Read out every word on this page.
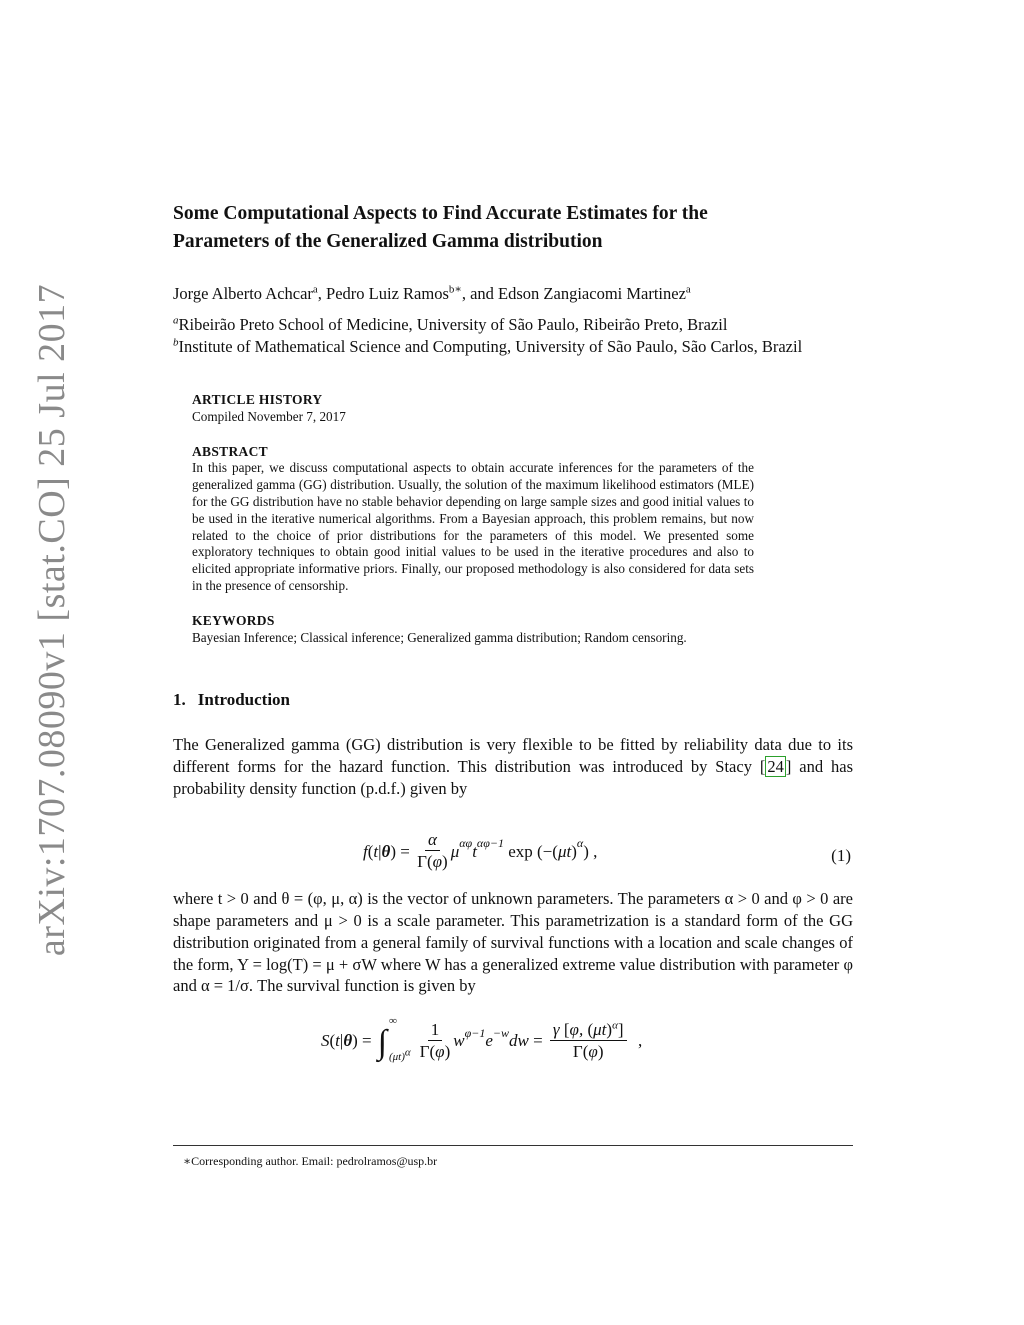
arXiv:1707.08090v1 [stat.CO] 25 Jul 2017
Some Computational Aspects to Find Accurate Estimates for the
Parameters of the Generalized Gamma distribution
Jorge Alberto Achcar$^a$, Pedro Luiz Ramos$^{b∗}$, and Edson Zangiacomi Martinez$^a$
$^a$Ribeirão Preto School of Medicine, University of São Paulo, Ribeirão Preto, Brazil
$^b$Institute of Mathematical Science and Computing, University of São Paulo, São Carlos, Brazil
ARTICLE HISTORY
Compiled November 7, 2017
ABSTRACT
In this paper, we discuss computational aspects to obtain accurate inferences for the parameters of the generalized gamma (GG) distribution. Usually, the solution of the maximum likelihood estimators (MLE) for the GG distribution have no stable behavior depending on large sample sizes and good initial values to be used in the iterative numerical algorithms. From a Bayesian approach, this problem remains, but now related to the choice of prior distributions for the parameters of this model. We presented some exploratory techniques to obtain good initial values to be used in the iterative procedures and also to elicited appropriate informative priors. Finally, our proposed methodology is also considered for data sets in the presence of censorship.
KEYWORDS
Bayesian Inference; Classical inference; Generalized gamma distribution; Random censoring.
1. Introduction

The Generalized gamma (GG) distribution is very flexible to be fitted by reliability data due to its different forms for the hazard function. This distribution was introduced by Stacy [ 24 ] and has probability density function (p.d.f.) given by

f ( t | θ ) = $\frac{\alpha}{\Gamma(\varphi)}$ μ αφ t αφ−1 exp (−( μt ) α ) ,	(1)

where t > 0 and θ = (φ, μ, α) is the vector of unknown parameters. The parameters α > 0 and φ > 0 are shape parameters and μ > 0 is a scale parameter. This parametrization is a standard form of the GG distribution originated from a general family of survival functions with a location and scale changes of the form, Y = log(T) = μ + σW where W has a generalized extreme value distribution with parameter φ and α = 1/σ. The survival function is given by

S ( t | θ ) = ∫
∞
$(\mu t)^\alpha \frac{1}{\Gamma(\varphi)}$ w φ−1 e −w dw = $\frac{\gamma [\varphi, (\mu t)^\alpha]}{\Gamma(\varphi)}$ ,
∗Corresponding author. Email: pedrolramos@usp.br
